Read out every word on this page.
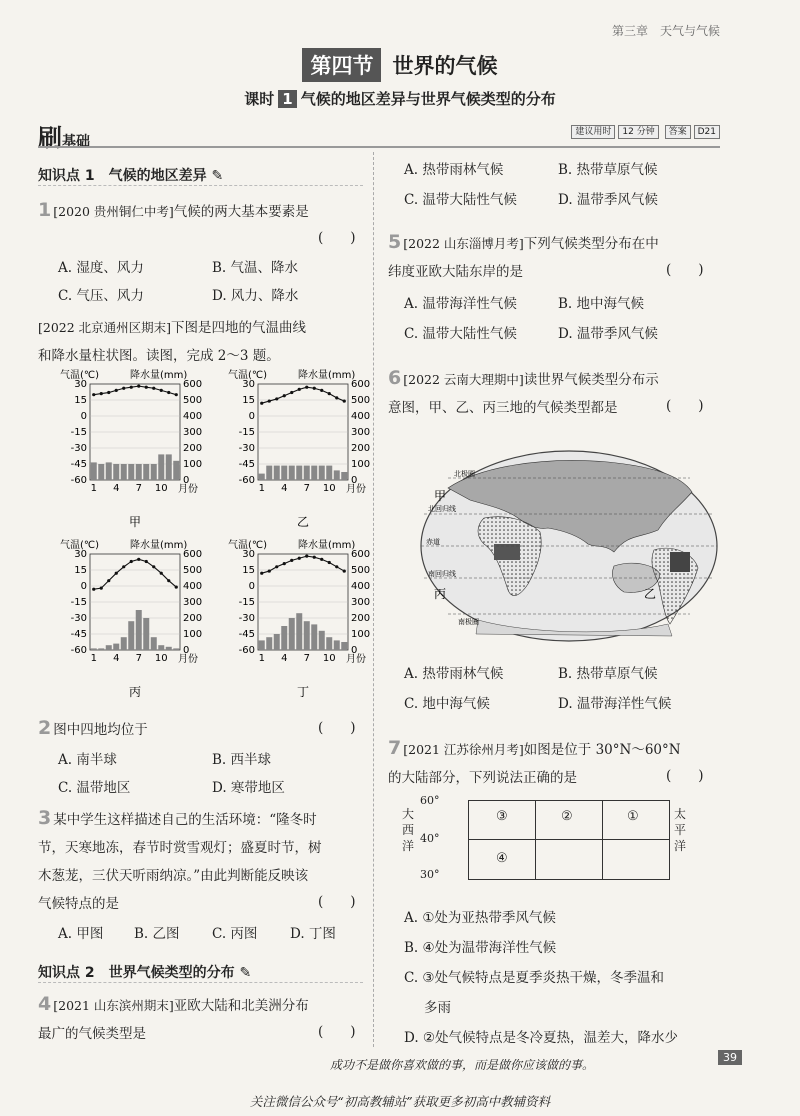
第三章　天气与气候
第四节 世界的气候
课时 1 气候的地区差异与世界气候类型的分布
刷基础
建议用时 12 分钟 答案 D21
知识点 1　气候的地区差异 ✎
1 [2020 贵州铜仁中考]气候的两大基本要素是
(　　)
A. 湿度、风力	B. 气温、降水
C. 气压、风力	D. 风力、降水
[2022 北京通州区期末]下图是四地的气温曲线
和降水量柱状图。读图，完成 2～3 题。
气温(℃)	降水量(mm)
30	600
15	500
0	400
-15	300
-30	200
-45	100
-60	0
1 4 7 10 月份
甲
气温(℃)	降水量(mm)
30	600
15	500
0	400
-15	300
-30	200
-45	100
-60	0
1 4 7 10 月份
乙
气温(℃)	降水量(mm)
30	600
15	500
0	400
-15	300
-30	200
-45	100
-60	0
1 4 7 10 月份
丙
气温(℃)	降水量(mm)
30	600
15	500
0	400
-15	300
-30	200
-45	100
-60	0
1 4 7 10 月份
丁
2 图中四地均位于	(　　)
A. 南半球	B. 西半球
C. 温带地区	D. 寒带地区
3 某中学生这样描述自己的生活环境：“隆冬时
节，天寒地冻，春节时赏雪观灯；盛夏时节，树
木葱茏，三伏天听雨纳凉。”由此判断能反映该
气候特点的是	(　　)
A. 甲图 B. 乙图 C. 丙图 D. 丁图
知识点 2　世界气候类型的分布 ✎
4 [2021 山东滨州期末]亚欧大陆和北美洲分布
最广的气候类型是	(　　)
A. 热带雨林气候	B. 热带草原气候
C. 温带大陆性气候	D. 温带季风气候
5 [2022 山东淄博月考]下列气候类型分布在中
纬度亚欧大陆东岸的是	(　　)
A. 温带海洋性气候	B. 地中海气候
C. 温带大陆性气候	D. 温带季风气候
6 [2022 云南大理期中]读世界气候类型分布示
意图，甲、乙、丙三地的气候类型都是	(　　)
北极圈
北回归线
赤道
南回归线
南极圈
甲
乙
丙
A. 热带雨林气候	B. 热带草原气候
C. 地中海气候	D. 温带海洋性气候
7 [2021 江苏徐州月考]如图是位于 30°N～60°N
的大陆部分，下列说法正确的是	(　　)
60°
40°
30°
大西洋
太平洋
③	②	①
④
A. ①处为亚热带季风气候
B. ④处为温带海洋性气候
C. ③处气候特点是夏季炎热干燥，冬季温和
多雨
D. ②处气候特点是冬冷夏热，温差大，降水少
成功不是做你喜欢做的事，而是做你应该做的事。
39
关注微信公众号“初高教辅站”获取更多初高中教辅资料
